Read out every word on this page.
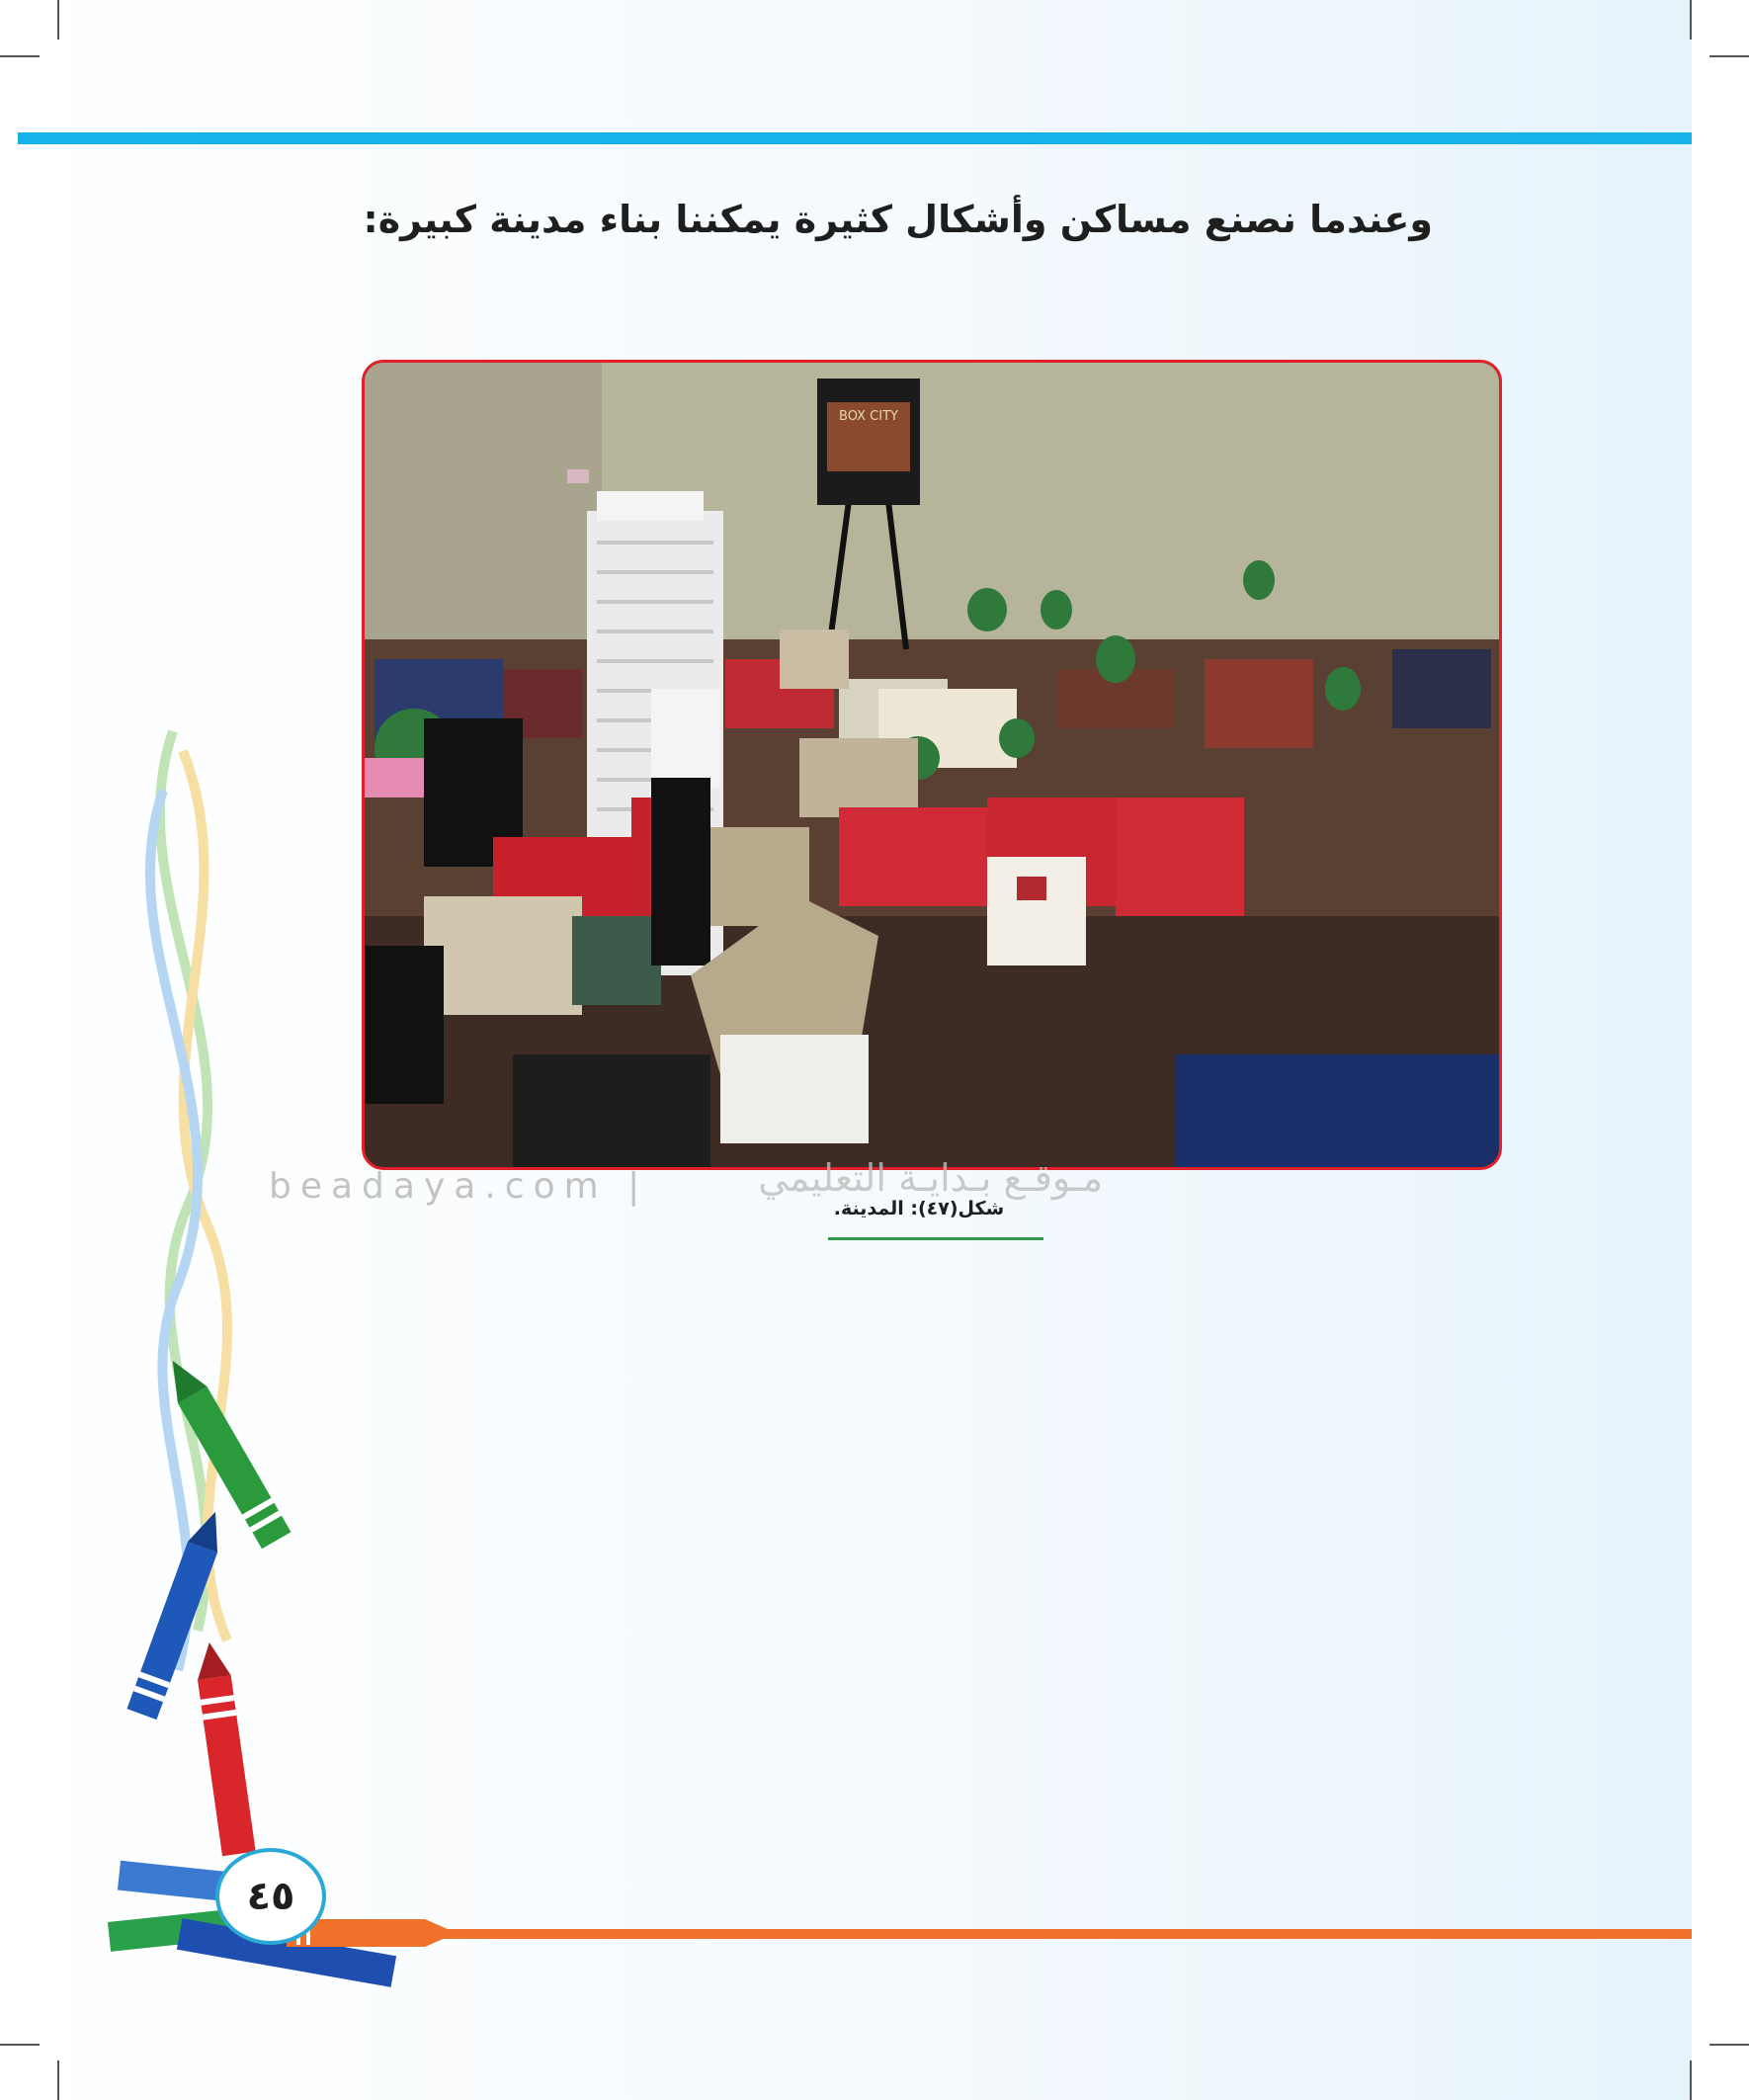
وعندما نصنع مساكن وأشكال كثيرة يمكننا بناء مدينة كبيرة:
BOX CITY
beadaya.com |	مـوقـع بـدايـة التعليمي
شكل(٤٧): المدينة.
٤٥
